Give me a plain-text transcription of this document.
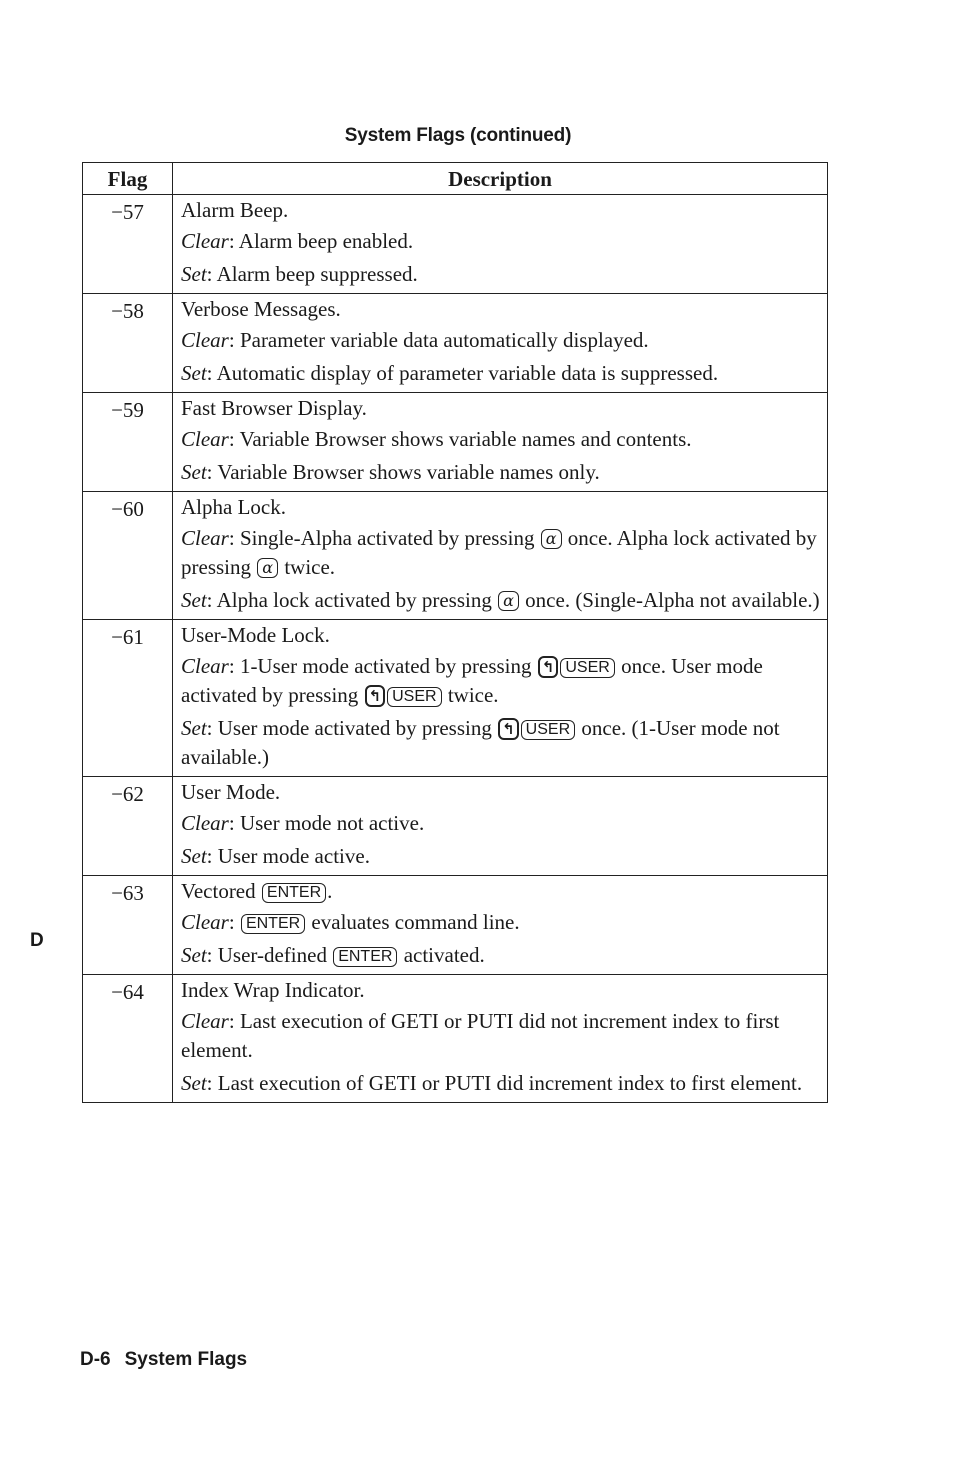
System Flags (continued)
Flag	Description
−57	Alarm Beep.
Clear: Alarm beep enabled.
Set: Alarm beep suppressed.

−58	Verbose Messages.
Clear: Parameter variable data automatically displayed.
Set: Automatic display of parameter variable data is suppressed.

−59	Fast Browser Display.
Clear: Variable Browser shows variable names and contents.
Set: Variable Browser shows variable names only.

−60	Alpha Lock.
Clear: Single-Alpha activated by pressing α once. Alpha lock activated by pressing α twice.
Set: Alpha lock activated by pressing α once. (Single-Alpha not available.)

−61	User-Mode Lock.
Clear: 1-User mode activated by pressing ↰ USER once. User mode activated by pressing ↰ USER twice.
Set: User mode activated by pressing ↰ USER once. (1-User mode not available.)

−62	User Mode.
Clear: User mode not active.
Set: User mode active.

−63	Vectored ENTER .
Clear: ENTER evaluates command line.
Set: User-defined ENTER activated.

−64	Index Wrap Indicator.
Clear: Last execution of GETI or PUTI did not increment index to first element.
Set: Last execution of GETI or PUTI did increment index to first element.
D
D-6 System Flags
